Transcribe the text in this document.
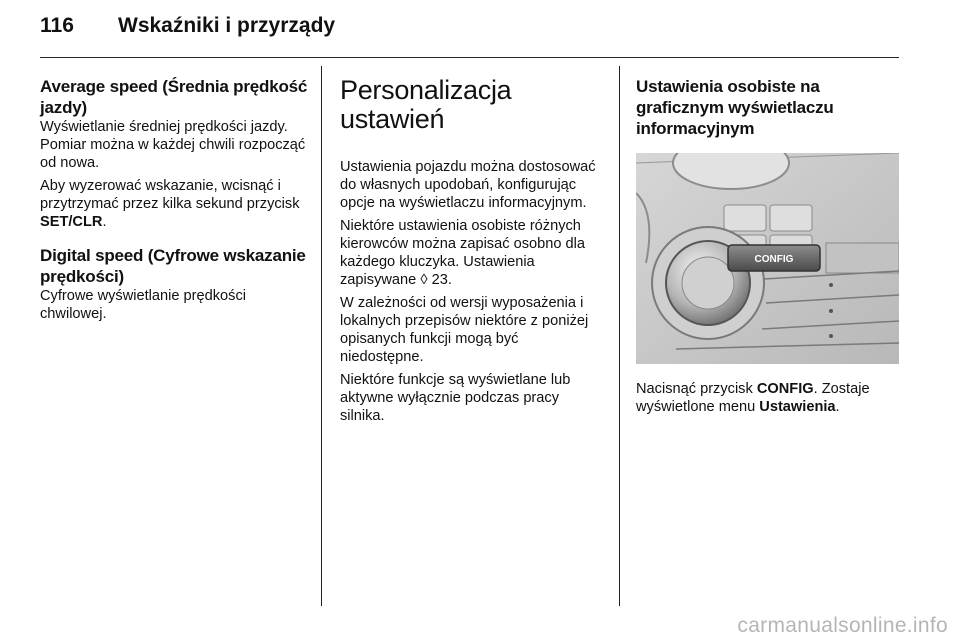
116 Wskaźniki i przyrządy
Average speed (Średnia prędkość jazdy)

Wyświetlanie średniej prędkości jazdy. Pomiar można w każdej chwili rozpocząć od nowa.

Aby wyzerować wskazanie, wcisnąć i przytrzymać przez kilka sekund przycisk SET/CLR.

Digital speed (Cyfrowe wskazanie prędkości)

Cyfrowe wyświetlanie prędkości chwilowej.

Personalizacja ustawień

Ustawienia pojazdu można dostosować do własnych upodobań, konfigurując opcje na wyświetlaczu informacyjnym.

Niektóre ustawienia osobiste różnych kierowców można zapisać osobno dla każdego kluczyka. Ustawienia zapisywane ◊ 23.

W zależności od wersji wyposażenia i lokalnych przepisów niektóre z poniżej opisanych funkcji mogą być niedostępne.

Niektóre funkcje są wyświetlane lub aktywne wyłącznie podczas pracy silnika.

Ustawienia osobiste na graficznym wyświetlaczu informacyjnym
CONFIG

Nacisnąć przycisk CONFIG. Zostaje wyświetlone menu Ustawienia.

carmanualsonline.info
